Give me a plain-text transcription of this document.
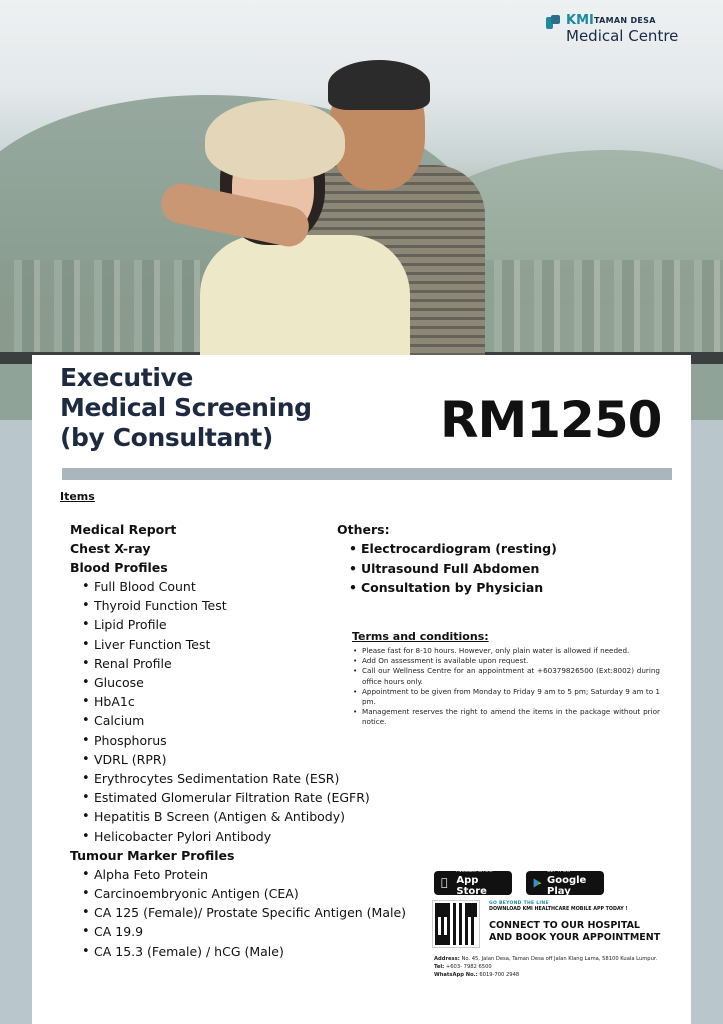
KMI TAMAN DESA
Medical Centre
Executive
Medical Screening
(by Consultant)	RM1250
Items
Medical Report
Chest X-ray
Blood Profiles
• Full Blood Count
• Thyroid Function Test
• Lipid Profile
• Liver Function Test
• Renal Profile
• Glucose
• HbA1c
• Calcium
• Phosphorus
• VDRL (RPR)
• Erythrocytes Sedimentation Rate (ESR)
• Estimated Glomerular Filtration Rate (EGFR)
• Hepatitis B Screen (Antigen & Antibody)
• Helicobacter Pylori Antibody
Tumour Marker Profiles
• Alpha Feto Protein
• Carcinoembryonic Antigen (CEA)
• CA 125 (Female)/ Prostate Specific Antigen (Male)
• CA 19.9
• CA 15.3 (Female) / hCG (Male)
Others:
• Electrocardiogram (resting)
• Ultrasound Full Abdomen
• Consultation by Physician
Terms and conditions:
• Please fast for 8-10 hours. However, only plain water is allowed if needed.
• Add On assessment is available upon request.
• Call our Wellness Centre for an appointment at +60379826500 (Ext:8002) during office hours only.
• Appointment to be given from Monday to Friday 9 am to 5 pm; Saturday 9 am to 1 pm.
• Management reserves the right to amend the items in the package without prior notice.
Available on the
App Store
GET IT ON
Google Play
GO BEYOND THE LINE
DOWNLOAD KMI HEALTHCARE MOBILE APP TODAY !
CONNECT TO OUR HOSPITAL
AND BOOK YOUR APPOINTMENT
Address: No. 45, Jalan Desa, Taman Desa off Jalan Klang Lama, 58100 Kuala Lumpur.
Tel: +603- 7982 6500
WhatsApp No.: 6019-700 2948
